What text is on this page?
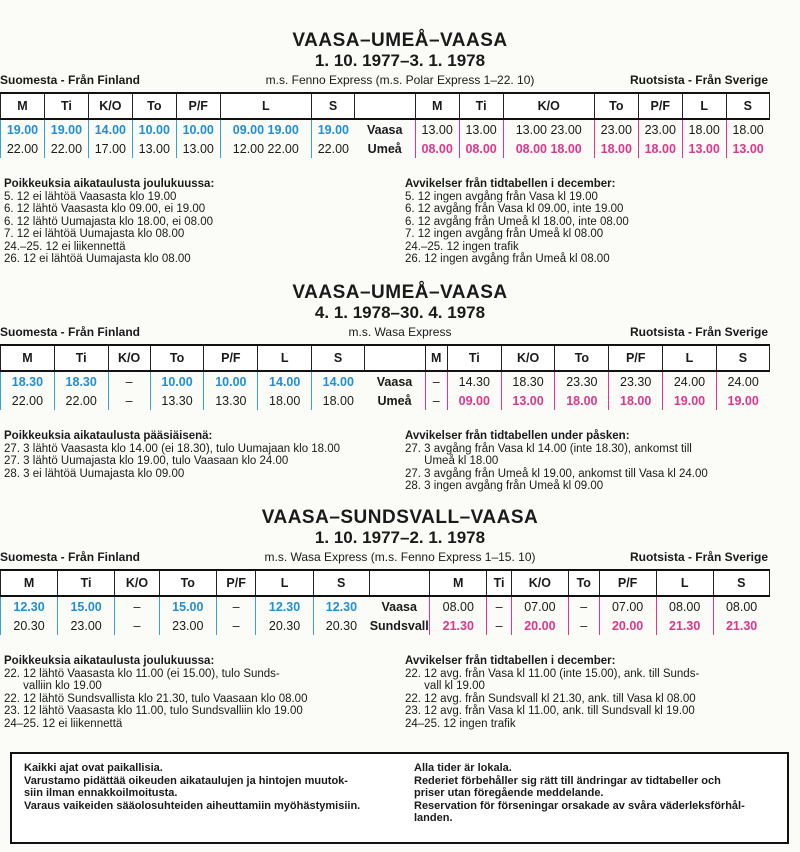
VAASA–UMEÅ–VAASA
1. 10. 1977–3. 1. 1978
Suomesta - Från Finland	m.s. Fenno Express (m.s. Polar Express 1–22. 10)	Ruotsista - Från Sverige
M	Ti	K/O	To	P/F	L	S		M	Ti	K/O	To	P/F	L	S
19.00	19.00	14.00	10.00	10.00	09.00 19.00	19.00	Vaasa	13.00	13.00	13.00 23.00	23.00	23.00	18.00	18.00
22.00	22.00	17.00	13.00	13.00	12.00 22.00	22.00	Umeå	08.00	08.00	08.00 18.00	18.00	18.00	13.00	13.00
Poikkeuksia aikataulusta joulukuussa:
5. 12 ei lähtöä Vaasasta klo 19.00
6. 12 lähtö Vaasasta klo 09.00, ei 19.00
6. 12 lähtö Uumajasta klo 18.00, ei 08.00
7. 12 ei lähtöä Uumajasta klo 08.00
24.–25. 12 ei liikennettä
26. 12 ei lähtöä Uumajasta klo 08.00
Avvikelser från tidtabellen i december:
5. 12 ingen avgång från Vasa kl 19.00
6. 12 avgång från Vasa kl 09.00, inte 19.00
6. 12 avgång från Umeå kl 18.00, inte 08.00
7. 12 ingen avgång från Umeå kl 08.00
24.–25. 12 ingen trafik
26. 12 ingen avgång från Umeå kl 08.00
VAASA–UMEÅ–VAASA
4. 1. 1978–30. 4. 1978
Suomesta - Från Finland	m.s. Wasa Express	Ruotsista - Från Sverige
M	Ti	K/O	To	P/F	L	S		M	Ti	K/O	To	P/F	L	S
18.30	18.30	–	10.00	10.00	14.00	14.00	Vaasa	–	14.30	18.30	23.30	23.30	24.00	24.00
22.00	22.00	–	13.30	13.30	18.00	18.00	Umeå	–	09.00	13.00	18.00	18.00	19.00	19.00
Poikkeuksia aikataulusta pääsiäisenä:
27. 3 lähtö Vaasasta klo 14.00 (ei 18.30), tulo Uumajaan klo 18.00
27. 3 lähtö Uumajasta klo 19.00, tulo Vaasaan klo 24.00
28. 3 ei lähtöä Uumajasta klo 09.00
Avvikelser från tidtabellen under påsken:
27. 3 avgång från Vasa kl 14.00 (inte 18.30), ankomst till
Umeå kl 18.00
27. 3 avgång från Umeå kl 19.00, ankomst till Vasa kl 24.00
28. 3 ingen avgång från Umeå kl 09.00
VAASA–SUNDSVALL–VAASA
1. 10. 1977–2. 1. 1978
Suomesta - Från Finland	m.s. Wasa Express (m.s. Fenno Express 1–15. 10)	Ruotsista - Från Sverige
M	Ti	K/O	To	P/F	L	S		M	Ti	K/O	To	P/F	L	S
12.30	15.00	–	15.00	–	12.30	12.30	Vaasa	08.00	–	07.00	–	07.00	08.00	08.00
20.30	23.00	–	23.00	–	20.30	20.30	Sundsvall	21.30	–	20.00	–	20.00	21.30	21.30
Poikkeuksia aikataulusta joulukuussa:
22. 12 lähtö Vaasasta klo 11.00 (ei 15.00), tulo Sunds-
valliin klo 19.00
22. 12 lähtö Sundsvallista klo 21.30, tulo Vaasaan klo 08.00
23. 12 lähtö Vaasasta klo 11.00, tulo Sundsvalliin klo 19.00
24–25. 12 ei liikennettä
Avvikelser från tidtabellen i december:
22. 12 avg. från Vasa kl 11.00 (inte 15.00), ank. till Sunds-
vall kl 19.00
22. 12 avg. från Sundsvall kl 21.30, ank. till Vasa kl 08.00
23. 12 avg. från Vasa kl 11.00, ank. till Sundsvall kl 19.00
24–25. 12 ingen trafik
Kaikki ajat ovat paikallisia.
Varustamo pidättää oikeuden aikataulujen ja hintojen muutok-
siin ilman ennakkoilmoitusta.
Varaus vaikeiden sääolosuhteiden aiheuttamiin myöhästymisiin.
Alla tider är lokala.
Rederiet förbehåller sig rätt till ändringar av tidtabeller och
priser utan föregående meddelande.
Reservation för förseningar orsakade av svåra väderleksförhål-
landen.
